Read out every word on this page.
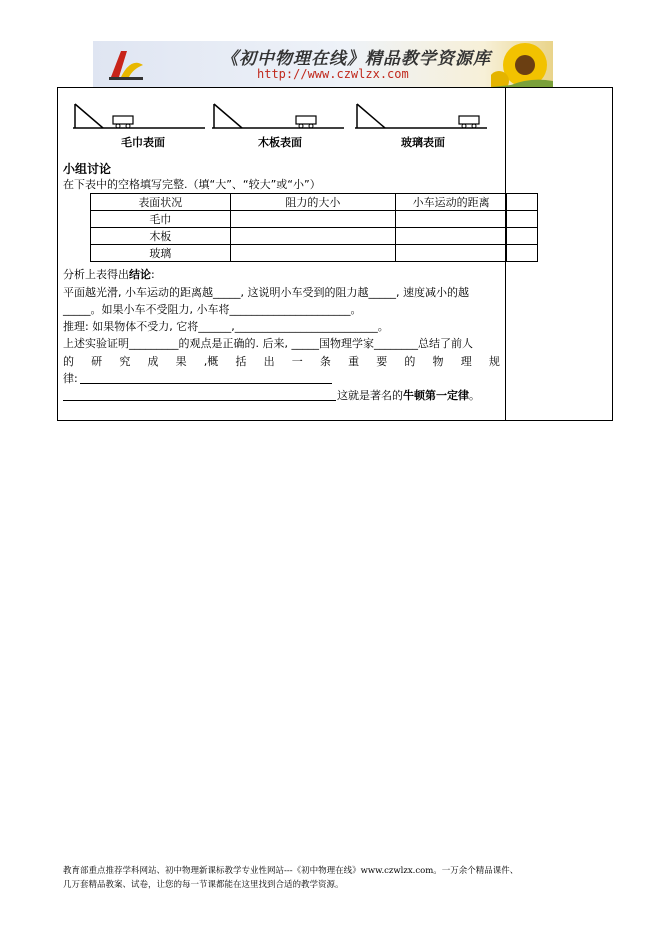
《初中物理在线》精品教学资源库
http://www.czwlzx.com
毛巾表面	木板表面	玻璃表面
小组讨论
在下表中的空格填写完整.（填“大”、“较大”或“小”）
表面状况	阻力的大小	小车运动的距离	
毛巾			
木板			
玻璃			
分析上表得出结论:
平面越光滑, 小车运动的距离越_____, 这说明小车受到的阻力越_____, 速度减小的越
_____。如果小车不受阻力, 小车将______________________。
推理: 如果物体不受力, 它将______,__________________________。
上述实验证明_________的观点是正确的. 后来, _____国物理学家________总结了前人
的 研 究 成 果 ,概 括 出 一 条 重 要 的 物 理 规
律:
这就是著名的牛顿第一定律。
教育部重点推荐学科网站、初中物理新课标教学专业性网站---《初中物理在线》www.czwlzx.com。一万余个精品课件、
几万套精品教案、试卷，让您的每一节课都能在这里找到合适的教学资源。
